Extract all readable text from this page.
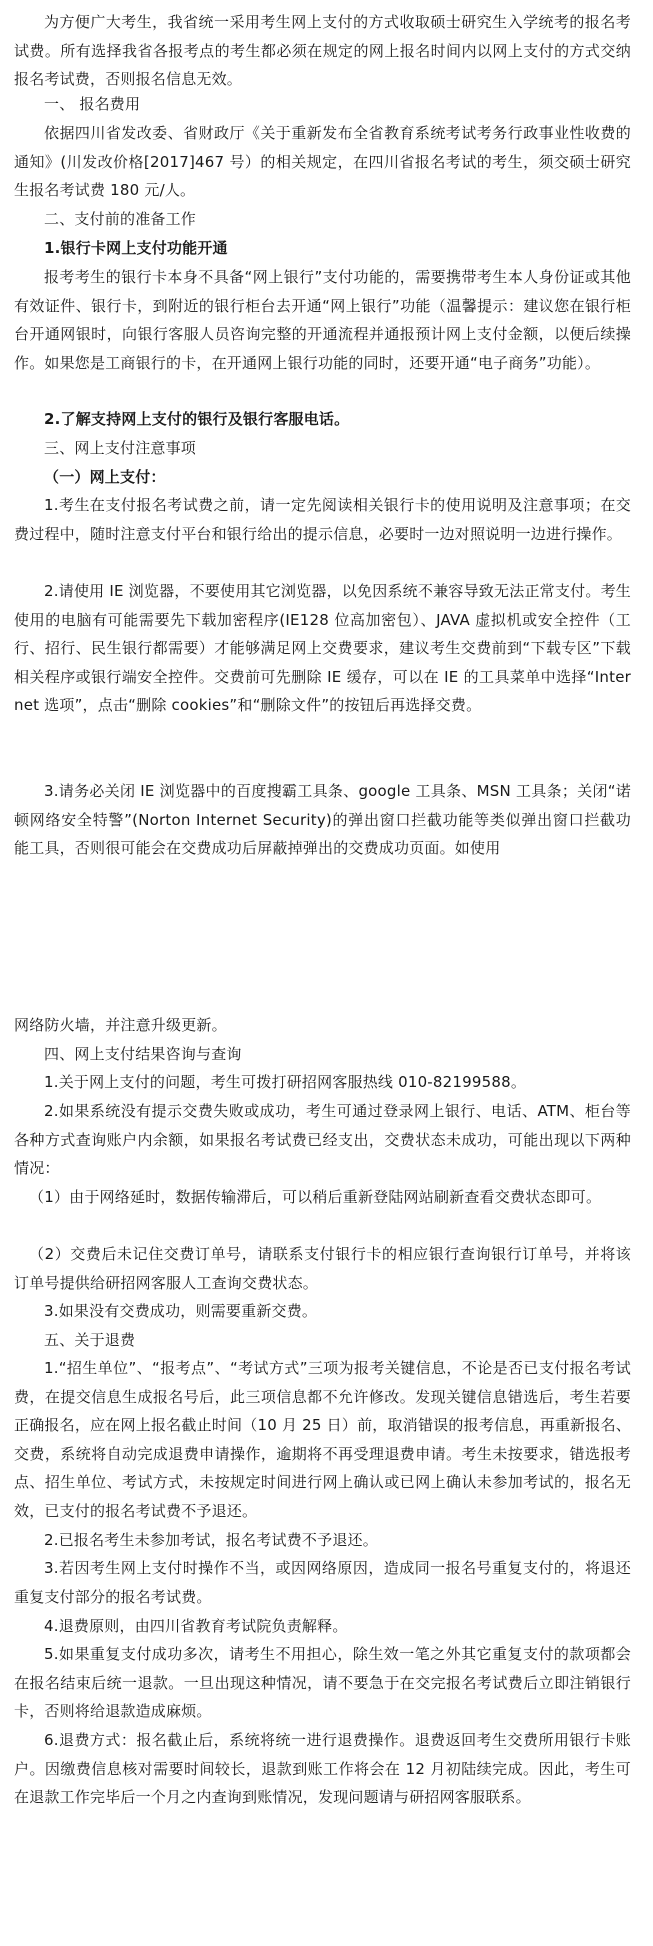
为方便广大考生，我省统一采用考生网上支付的方式收取硕士研究生入学统考的报名考试费。所有选择我省各报考点的考生都必须在规定的网上报名时间内以网上支付的方式交纳报名考试费，否则报名信息无效。

一、 报名费用

依据四川省发改委、省财政厅《关于重新发布全省教育系统考试考务行政事业性收费的通知》(川发改价格[2017]467 号）的相关规定，在四川省报名考试的考生，须交硕士研究生报名考试费 180 元/人。

二、支付前的准备工作

1.银行卡网上支付功能开通

报考考生的银行卡本身不具备“网上银行”支付功能的，需要携带考生本人身份证或其他有效证件、银行卡，到附近的银行柜台去开通“网上银行”功能（温馨提示：建议您在银行柜台开通网银时，向银行客服人员咨询完整的开通流程并通报预计网上支付金额，以便后续操作。如果您是工商银行的卡，在开通网上银行功能的同时，还要开通“电子商务”功能）。

2.了解支持网上支付的银行及银行客服电话。

三、网上支付注意事项

（一）网上支付：

1.考生在支付报名考试费之前，请一定先阅读相关银行卡的使用说明及注意事项；在交费过程中，随时注意支付平台和银行给出的提示信息，必要时一边对照说明一边进行操作。

2.请使用 IE 浏览器，不要使用其它浏览器，以免因系统不兼容导致无法正常支付。考生使用的电脑有可能需要先下载加密程序(IE128 位高加密包）、JAVA 虚拟机或安全控件（工行、招行、民生银行都需要）才能够满足网上交费要求，建议考生交费前到“下载专区”下载相关程序或银行端安全控件。交费前可先删除 IE 缓存，可以在 IE 的工具菜单中选择“Internet 选项”，点击“删除 cookies”和“删除文件”的按钮后再选择交费。

3.请务必关闭 IE 浏览器中的百度搜霸工具条、google 工具条、MSN 工具条；关闭“诺顿网络安全特警”(Norton Internet Security)的弹出窗口拦截功能等类似弹出窗口拦截功能工具，否则很可能会在交费成功后屏蔽掉弹出的交费成功页面。如使用

网络防火墙，并注意升级更新。

四、网上支付结果咨询与查询

1.关于网上支付的问题，考生可拨打研招网客服热线 010-82199588。

2.如果系统没有提示交费失败或成功，考生可通过登录网上银行、电话、ATM、柜台等各种方式查询账户内余额，如果报名考试费已经支出，交费状态未成功，可能出现以下两种情况：

（1）由于网络延时，数据传输滞后，可以稍后重新登陆网站刷新查看交费状态即可。

（2）交费后未记住交费订单号，请联系支付银行卡的相应银行查询银行订单号，并将该订单号提供给研招网客服人工查询交费状态。

3.如果没有交费成功，则需要重新交费。

五、关于退费

1.“招生单位”、“报考点”、“考试方式”三项为报考关键信息，不论是否已支付报名考试费，在提交信息生成报名号后，此三项信息都不允许修改。发现关键信息错选后，考生若要正确报名，应在网上报名截止时间（10 月 25 日）前，取消错误的报考信息，再重新报名、交费，系统将自动完成退费申请操作，逾期将不再受理退费申请。考生未按要求，错选报考点、招生单位、考试方式，未按规定时间进行网上确认或已网上确认未参加考试的，报名无效，已支付的报名考试费不予退还。

2.已报名考生未参加考试，报名考试费不予退还。

3.若因考生网上支付时操作不当，或因网络原因，造成同一报名号重复支付的，将退还重复支付部分的报名考试费。

4.退费原则，由四川省教育考试院负责解释。

5.如果重复支付成功多次，请考生不用担心，除生效一笔之外其它重复支付的款项都会在报名结束后统一退款。一旦出现这种情况，请不要急于在交完报名考试费后立即注销银行卡，否则将给退款造成麻烦。

6.退费方式：报名截止后，系统将统一进行退费操作。退费返回考生交费所用银行卡账户。因缴费信息核对需要时间较长，退款到账工作将会在 12 月初陆续完成。因此，考生可在退款工作完毕后一个月之内查询到账情况，发现问题请与研招网客服联系。
